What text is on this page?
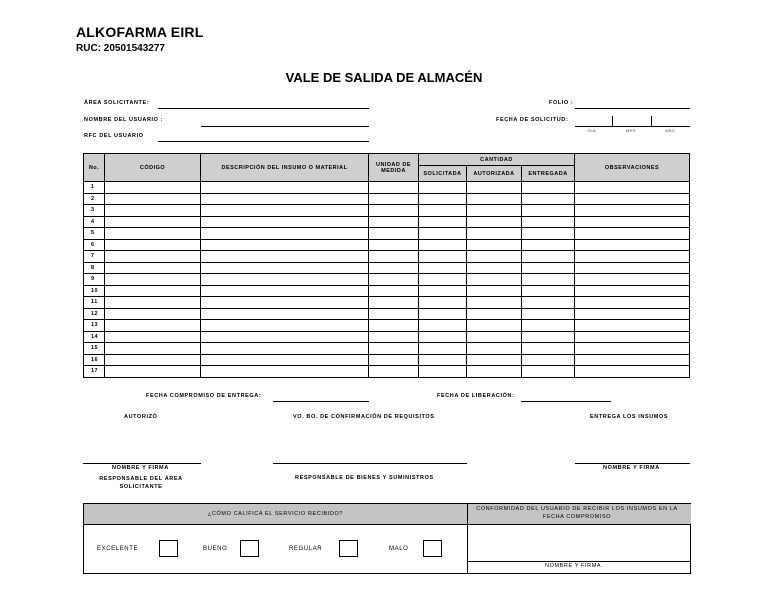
ALKOFARMA EIRL
RUC: 20501543277
VALE DE SALIDA DE ALMACÉN
ÁREA SOLICITANTE:
NOMBRE DEL USUARIO :
RFC DEL USUARIO
FOLIO :
FECHA DE SOLICITUD:
DIA	MES	AÑO
No.	CÓDIGO	DESCRIPCIÓN DEL INSUMO O MATERIAL	UNIDAD DE MEDIDA	CANTIDAD			OBSERVACIONES
				SOLICITADA	AUTORIZADA	ENTREGADA	
1							
2							
3							
4							
5							
6							
7							
8							
9							
10							
11							
12							
13							
14							
15							
16							
17							
FECHA COMPROMISO DE ENTREGA:	FECHA DE LIBERACIÓN:
AUTORIZÓ	VO. BO. DE CONFIRMACIÓN DE REQUISITOS	ENTREGA LOS INSUMOS
NOMBRE Y FIRMA
RESPONSABLE DEL ÁREA SOLICITANTE
RESPONSABLE DE BIENES Y SUMINISTROS
NOMBRE Y FIRMA
¿CÓMO CALIFICA EL SERVICIO RECIBIDO?
CONFORMIDAD DEL USUARIO DE RECIBIR LOS INSUMOS EN LA FECHA COMPROMISO
NOMBRE Y FIRMA
EXCELENTE	BUENO	REGULAR	MALO
